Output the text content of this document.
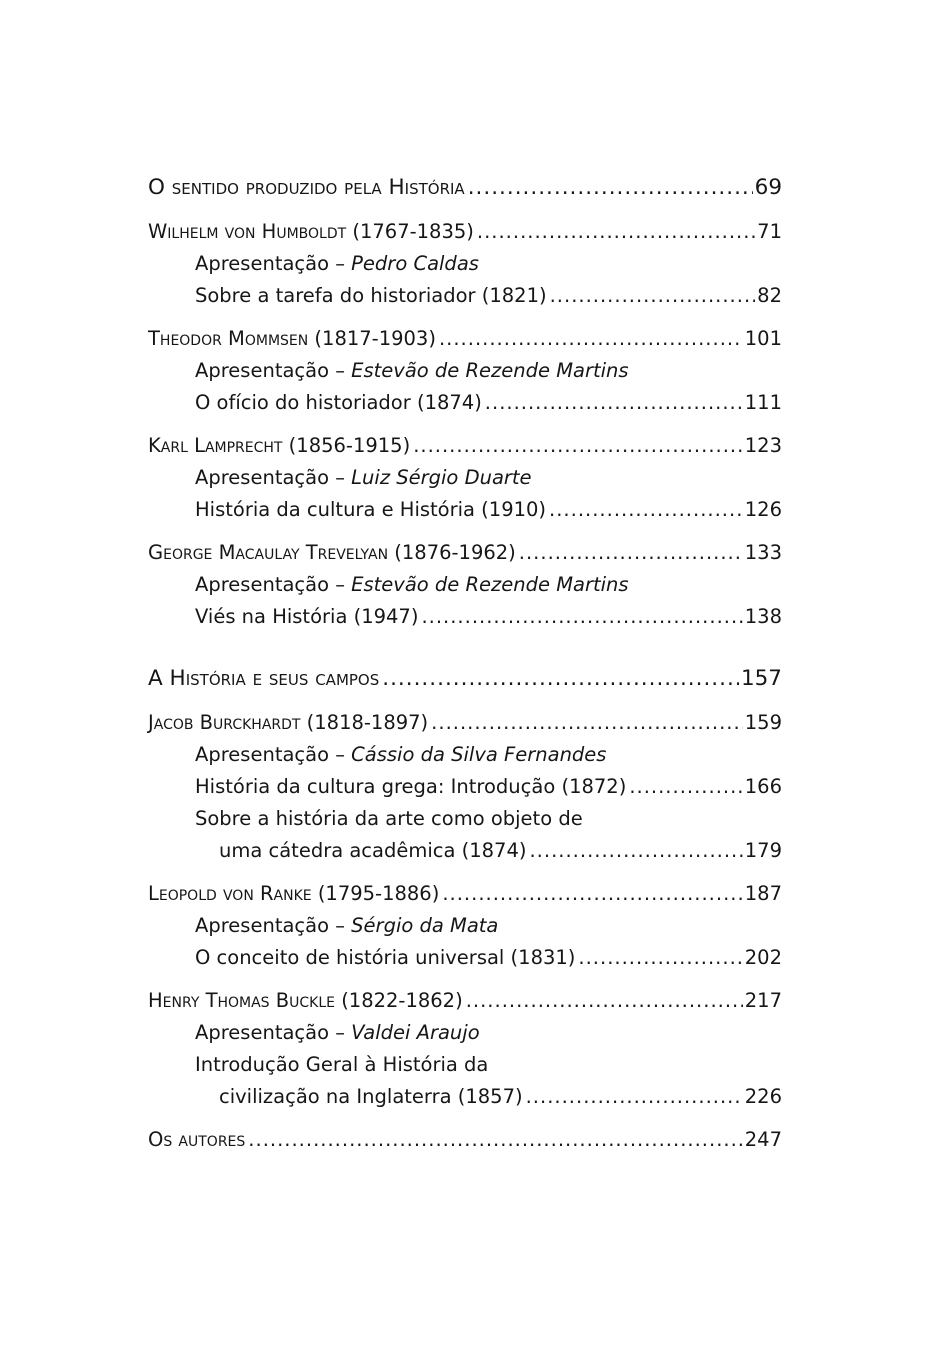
O sentido produzido pela História .....	69
Wilhelm von Humboldt (1767-1835) .....	71
Apresentação –
Pedro Caldas
Sobre a tarefa do historiador (1821) .....	82
Theodor Mommsen (1817-1903) .....	101
Apresentação –
Estevão de Rezende Martins
O ofício do historiador (1874) .....	111
Karl Lamprecht (1856-1915) .....	123
Apresentação –
Luiz Sérgio Duarte
História da cultura e História (1910) .....	126
George Macaulay Trevelyan (1876-1962) .....	133
Apresentação –
Estevão de Rezende Martins
Viés na História (1947) .....	138
A História e seus campos .....	157
Jacob Burckhardt (1818-1897) .....	159
Apresentação –
Cássio da Silva Fernandes
História da cultura grega: Introdução (1872) .....	166
Sobre a história da arte como objeto de
uma cátedra acadêmica (1874) .....	179
Leopold von Ranke (1795-1886) .....	187
Apresentação –
Sérgio da Mata
O conceito de história universal (1831) .....	202
Henry Thomas Buckle (1822-1862) .....	217
Apresentação –
Valdei Araujo
Introdução Geral à História da
civilização na Inglaterra (1857) .....	226
Os autores .....	247
